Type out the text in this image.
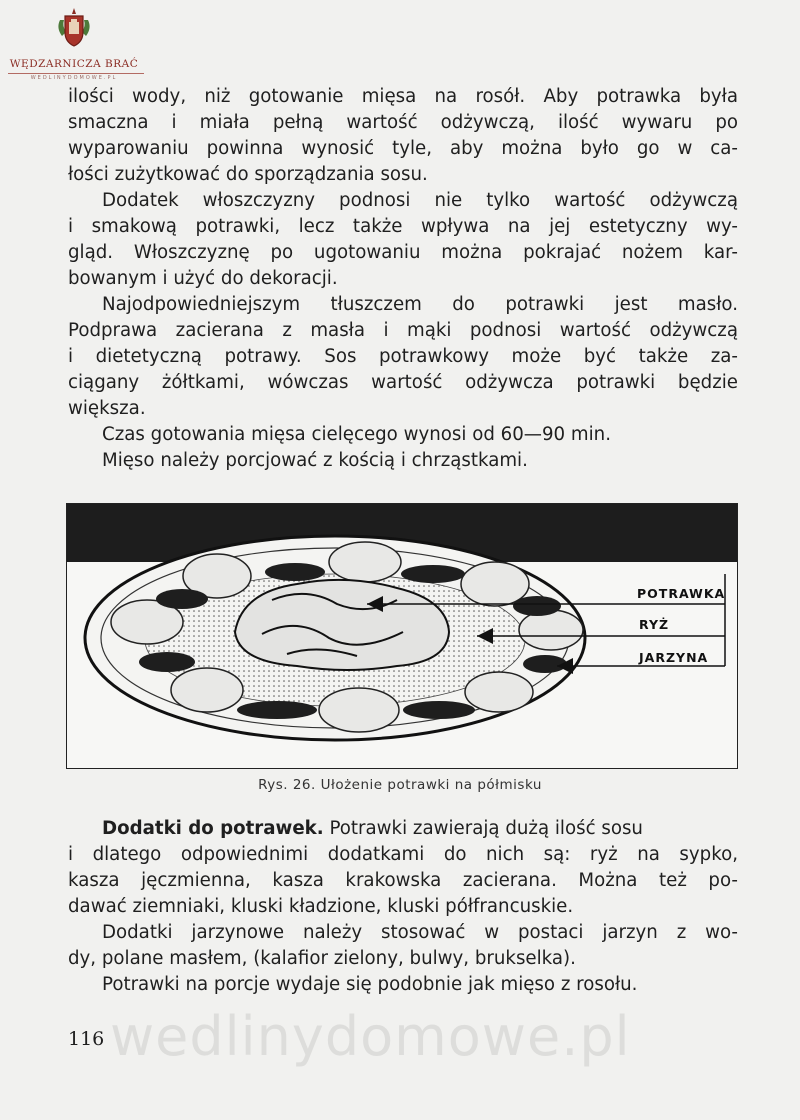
WĘDZARNICZA BRAĆ
WEDLINYDOMOWE.PL
ilości wody, niż gotowanie mięsa na rosół. Aby potrawka była
smaczna i miała pełną wartość odżywczą, ilość wywaru po
wyparowaniu powinna wynosić tyle, aby można było go w ca-
łości zużytkować do sporządzania sosu.
Dodatek włoszczyzny podnosi nie tylko wartość odżywczą
i smakową potrawki, lecz także wpływa na jej estetyczny wy-
gląd. Włoszczyznę po ugotowaniu można pokrajać nożem kar-
bowanym i użyć do dekoracji.
Najodpowiedniejszym tłuszczem do potrawki jest masło.
Podprawa zacierana z masła i mąki podnosi wartość odżywczą
i dietetyczną potrawy. Sos potrawkowy może być także za-
ciągany żółtkami, wówczas wartość odżywcza potrawki będzie
większa.
Czas gotowania mięsa cielęcego wynosi od 60—90 min.
Mięso należy porcjować z kością i chrząstkami.
POTRAWKA
RYŻ
JARZYNA
Rys. 26. Ułożenie potrawki na półmisku
Dodatki do potrawek. Potrawki zawierają dużą ilość sosu
i dlatego odpowiednimi dodatkami do nich są: ryż na sypko,
kasza jęczmienna, kasza krakowska zacierana. Można też po-
dawać ziemniaki, kluski kładzione, kluski półfrancuskie.
Dodatki jarzynowe należy stosować w postaci jarzyn z wo-
dy, polane masłem, (kalafior zielony, bulwy, brukselka).
Potrawki na porcje wydaje się podobnie jak mięso z rosołu.
wedlinydomowe.pl
116
